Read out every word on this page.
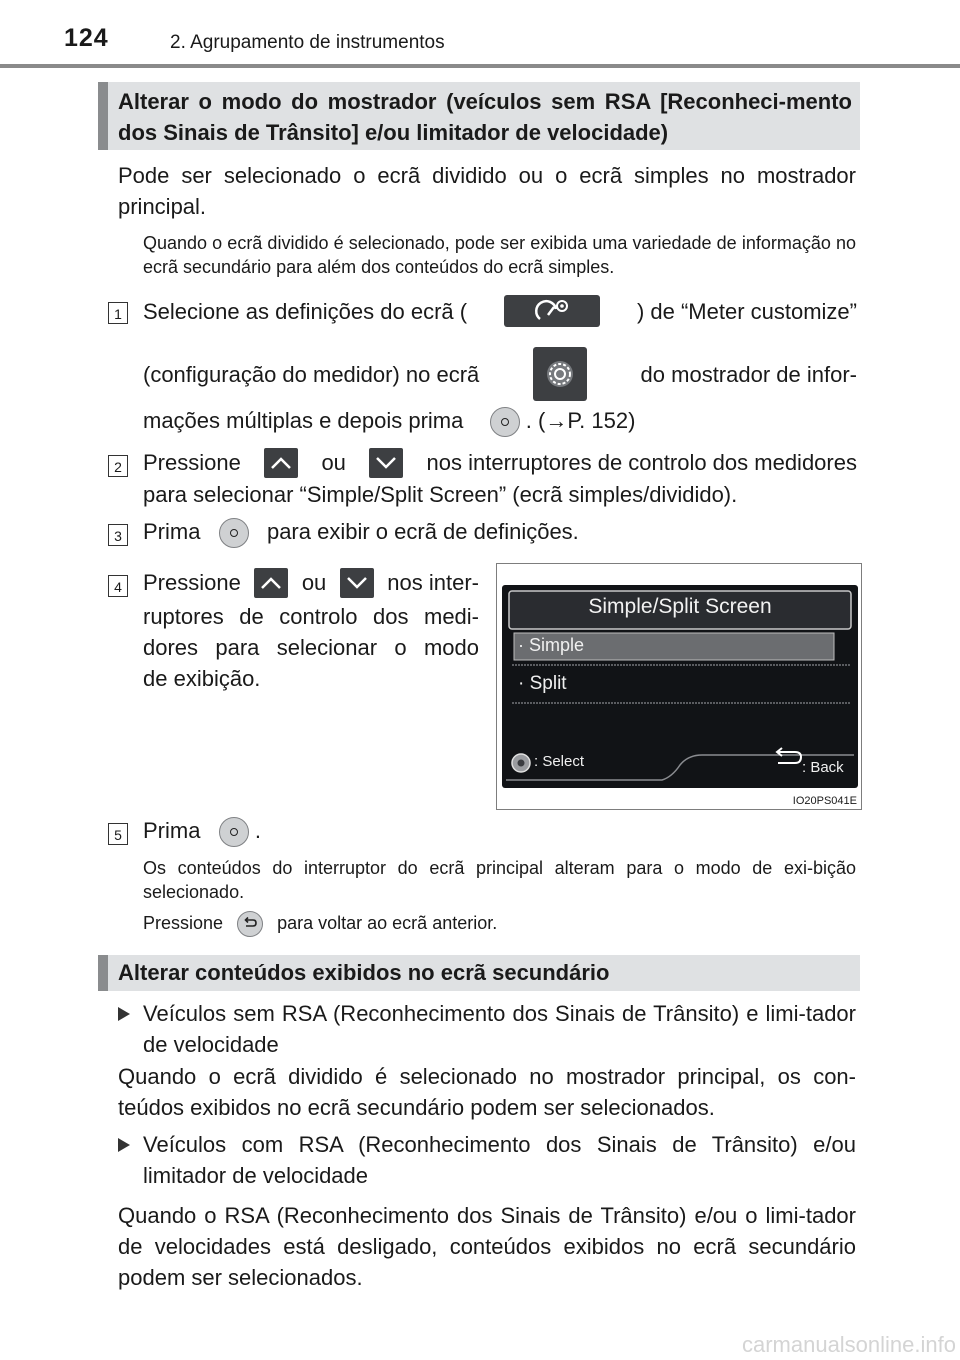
124	2. Agrupamento de instrumentos
Alterar o modo do mostrador (veículos sem RSA [Reconheci-mento dos Sinais de Trânsito] e/ou limitador de velocidade)
Pode ser selecionado o ecrã dividido ou o ecrã simples no mostrador principal.
Quando o ecrã dividido é selecionado, pode ser exibida uma variedade de informação no ecrã secundário para além dos conteúdos do ecrã simples.
1 Selecione as definições do ecrã (	) de “Meter customize”
(configuração do medidor) no ecrã	do mostrador de infor-
mações múltiplas e depois prima	. (→P. 152)
2 Pressione	ou	nos interruptores de controlo dos medidores
para selecionar “Simple/Split Screen” (ecrã simples/dividido).
3 Prima	para exibir o ecrã de definições.
4 Pressione	ou	nos inter-
ruptores de controlo dos medi-
dores para selecionar o modo
de exibição.
Simple/Split Screen
· Simple
· Split
: Select	: Back
IO20PS041E
5 Prima .
Os conteúdos do interruptor do ecrã principal alteram para o modo de exi-bição selecionado.
Pressione	para voltar ao ecrã anterior.
Alterar conteúdos exibidos no ecrã secundário
Veículos sem RSA (Reconhecimento dos Sinais de Trânsito) e limi-tador de velocidade
Quando o ecrã dividido é selecionado no mostrador principal, os con-teúdos exibidos no ecrã secundário podem ser selecionados.
Veículos com RSA (Reconhecimento dos Sinais de Trânsito) e/ou limitador de velocidade
Quando o RSA (Reconhecimento dos Sinais de Trânsito) e/ou o limi-tador de velocidades está desligado, conteúdos exibidos no ecrã secundário podem ser selecionados.
carmanualsonline.info
